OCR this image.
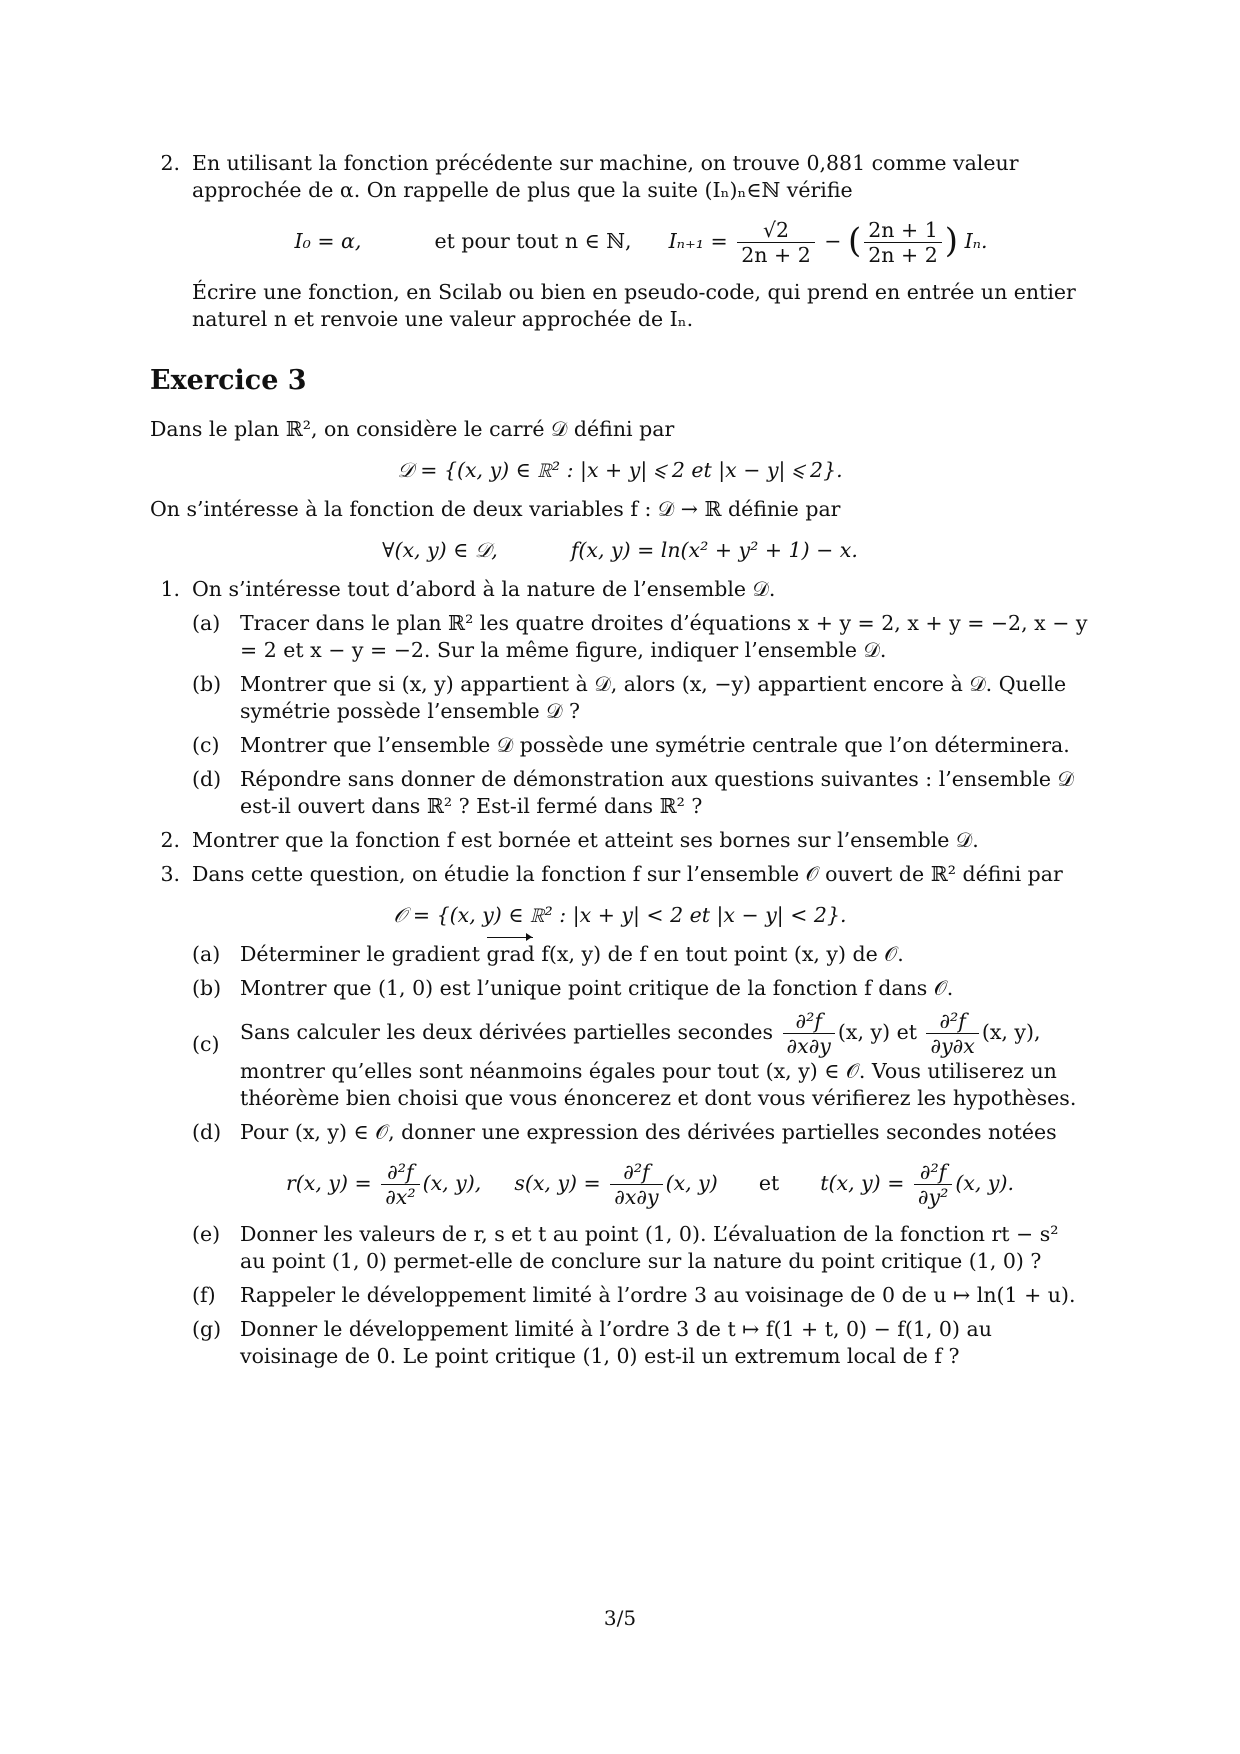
2. En utilisant la fonction précédente sur machine, on trouve 0,881 comme valeur approchée de α. On rappelle de plus que la suite (Iₙ)ₙ∈ℕ vérifie
I₀ = α,	et pour tout n ∈ ℕ, $I_{n+1} = \frac{√2}{2n + 2}$ − ( $\frac{2n + 1}{2n + 2}$ ) Iₙ.
Écrire une fonction, en Scilab ou bien en pseudo-code, qui prend en entrée un entier naturel n et renvoie une valeur approchée de Iₙ.
Exercice 3
Dans le plan ℝ², on considère le carré 𝒟 défini par
𝒟 = {(x, y) ∈ ℝ² : |x + y| ⩽ 2 et |x − y| ⩽ 2}.
On s’intéresse à la fonction de deux variables f : 𝒟 → ℝ définie par
∀(x, y) ∈ 𝒟,	f(x, y) = ln(x² + y² + 1) − x.
1. On s’intéresse tout d’abord à la nature de l’ensemble 𝒟.
(a) Tracer dans le plan ℝ² les quatre droites d’équations x + y = 2, x + y = −2, x − y = 2 et x − y = −2. Sur la même figure, indiquer l’ensemble 𝒟.
(b) Montrer que si (x, y) appartient à 𝒟, alors (x, −y) appartient encore à 𝒟. Quelle symétrie possède l’ensemble 𝒟 ?
(c)	Montrer que l’ensemble 𝒟 possède une symétrie centrale que l’on déterminera.
(d) Répondre sans donner de démonstration aux questions suivantes : l’ensemble 𝒟 est-il ouvert dans ℝ² ? Est-il fermé dans ℝ² ?
2. Montrer que la fonction f est bornée et atteint ses bornes sur l’ensemble 𝒟.
3. Dans cette question, on étudie la fonction f sur l’ensemble 𝒪 ouvert de ℝ² défini par
𝒪 = {(x, y) ∈ ℝ² : |x + y| < 2 et |x − y| < 2}.
(a) Déterminer le gradient grad f(x, y) de f en tout point (x, y) de 𝒪.
(b) Montrer que (1, 0) est l’unique point critique de la fonction f dans 𝒪.
(c)	Sans calculer les deux dérivées partielles secondes $\frac{\text{∂²f}}{\partial x\partial y} (x$, y) et $\frac{\text{∂²f}}{\partial y\partial x} (x$, y), montrer qu’elles sont néanmoins égales pour tout (x, y) ∈ 𝒪. Vous utiliserez un théorème bien choisi que vous énoncerez et dont vous vérifierez les hypothèses.
(d) Pour (x, y) ∈ 𝒪, donner une expression des dérivées partielles secondes notées
r(x, $y) = \frac{\text{∂²f}}{\text{∂x²}} (x$, y), s(x, $y) = \frac{\text{∂²f}}{\partial x\partial y} (x$, y) et t(x, $y) = \frac{\text{∂²f}}{\text{∂y²}} (x$, y).
(e) Donner les valeurs de r, s et t au point (1, 0). L’évaluation de la fonction rt − s² au point (1, 0) permet-elle de conclure sur la nature du point critique (1, 0) ?
(f)	Rappeler le développement limité à l’ordre 3 au voisinage de 0 de u ↦ ln(1 + u).
(g) Donner le développement limité à l’ordre 3 de t ↦ f(1 + t, 0) − f(1, 0) au voisinage de 0. Le point critique (1, 0) est-il un extremum local de f ?
3/5
